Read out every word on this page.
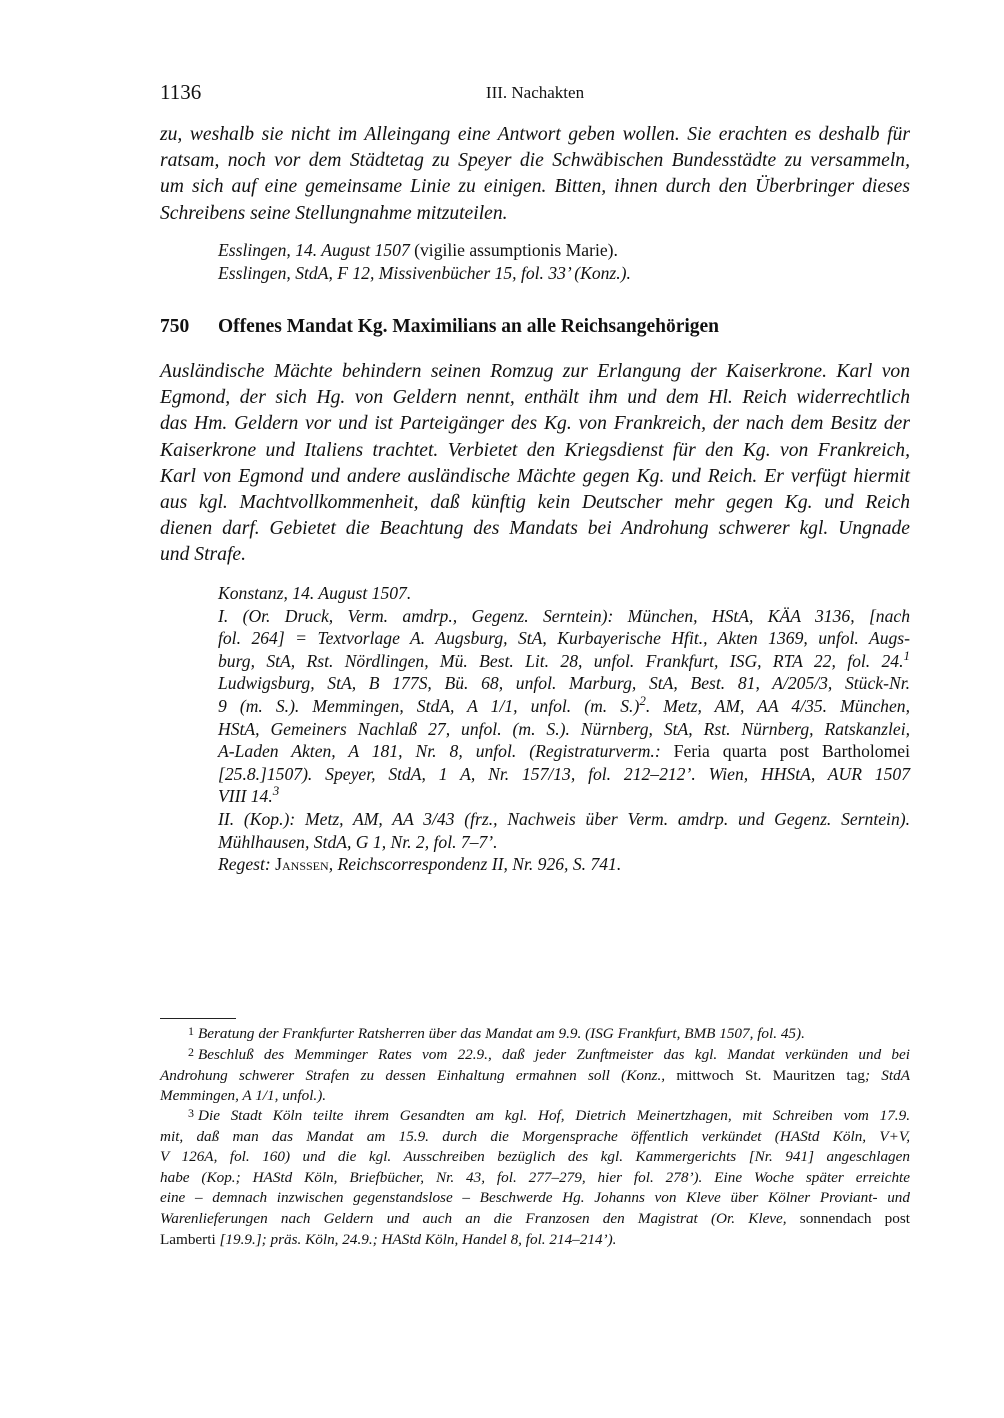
1136	III. Nachakten
zu, weshalb sie nicht im Alleingang eine Antwort geben wollen. Sie erachten es deshalb für
ratsam, noch vor dem Städtetag zu Speyer die Schwäbischen Bundesstädte zu versammeln,
um sich auf eine gemeinsame Linie zu einigen. Bitten, ihnen durch den Überbringer dieses
Schreibens seine Stellungnahme mitzuteilen.
Esslingen, 14. August 1507 (vigilie assumptionis Marie).
Esslingen, StdA, F 12, Missivenbücher 15, fol. 33’ (Konz.).
750 Offenes Mandat Kg. Maximilians an alle Reichsangehörigen
Ausländische Mächte behindern seinen Romzug zur Erlangung der Kaiserkrone. Karl von
Egmond, der sich Hg. von Geldern nennt, enthält ihm und dem Hl. Reich widerrechtlich
das Hm. Geldern vor und ist Parteigänger des Kg. von Frankreich, der nach dem Besitz der
Kaiserkrone und Italiens trachtet. Verbietet den Kriegsdienst für den Kg. von Frankreich,
Karl von Egmond und andere ausländische Mächte gegen Kg. und Reich. Er verfügt hiermit
aus kgl. Machtvollkommenheit, daß künftig kein Deutscher mehr gegen Kg. und Reich
dienen darf. Gebietet die Beachtung des Mandats bei Androhung schwerer kgl. Ungnade
und Strafe.
Konstanz, 14. August 1507.
I. (Or. Druck, Verm. amdrp., Gegenz. Serntein): München, HStA, KÄA 3136, [nach
fol. 264] = Textvorlage A. Augsburg, StA, Kurbayerische Hfit., Akten 1369, unfol. Augs-
burg, StA, Rst. Nördlingen, Mü. Best. Lit. 28, unfol. Frankfurt, ISG, RTA 22, fol. 24.$^1$
Ludwigsburg, StA, B 177S, Bü. 68, unfol. Marburg, StA, Best. 81, A/205/3, Stück-Nr.
9 (m. S.). Memmingen, StdA, A 1/1, unfol. (m. S.)$^2$. Metz, AM, AA 4/35. München,
HStA, Gemeiners Nachlaß 27, unfol. (m. S.). Nürnberg, StA, Rst. Nürnberg, Ratskanzlei,
A-Laden Akten, A 181, Nr. 8, unfol. (Registraturverm.: Feria quarta post Bartholomei
[25.8.]1507). Speyer, StdA, 1 A, Nr. 157/13, fol. 212–212’. Wien, HHStA, AUR 1507
VIII 14.$^3$
II. (Kop.): Metz, AM, AA 3/43 (frz., Nachweis über Verm. amdrp. und Gegenz. Serntein).
Mühlhausen, StdA, G 1, Nr. 2, fol. 7–7’.
Regest: Janssen, Reichscorrespondenz II, Nr. 926, S. 741.
1 Beratung der Frankfurter Ratsherren über das Mandat am 9.9. (ISG Frankfurt, BMB 1507, fol. 45).
2 Beschluß des Memminger Rates vom 22.9., daß jeder Zunftmeister das kgl. Mandat verkünden und bei
Androhung schwerer Strafen zu dessen Einhaltung ermahnen soll (Konz., mittwoch St. Mauritzen tag; StdA
Memmingen, A 1/1, unfol.).
3 Die Stadt Köln teilte ihrem Gesandten am kgl. Hof, Dietrich Meinertzhagen, mit Schreiben vom 17.9.
mit, daß man das Mandat am 15.9. durch die Morgensprache öffentlich verkündet (HAStd Köln, V+V,
V 126A, fol. 160) und die kgl. Ausschreiben bezüglich des kgl. Kammergerichts [Nr. 941] angeschlagen
habe (Kop.; HAStd Köln, Briefbücher, Nr. 43, fol. 277–279, hier fol. 278’). Eine Woche später erreichte
eine – demnach inzwischen gegenstandslose – Beschwerde Hg. Johanns von Kleve über Kölner Proviant- und
Warenlieferungen nach Geldern und auch an die Franzosen den Magistrat (Or. Kleve, sonnendach post
Lamberti [19.9.]; präs. Köln, 24.9.; HAStd Köln, Handel 8, fol. 214–214’).
